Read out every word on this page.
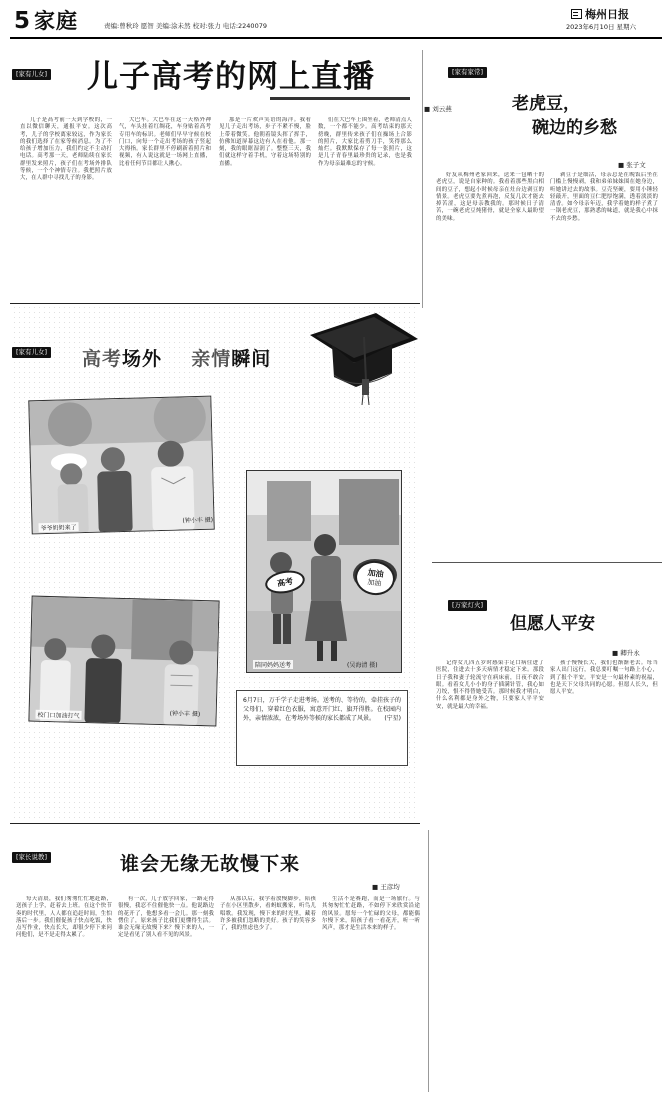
5 家庭	责编:曾秋玲 愿智 美编:涂未然 校对:张力 电话:2240079
梅州日报
2023年6月10日 星期六
[家有儿女] 儿子高考的网上直播
■ 刘云燕

儿子是高考前一天到学校的，一直以微信聊天，通报平安。这次高考，儿子的学校离家较远，作为家长的我们选择了在家等候消息。为了不给孩子增加压力，我们约定不主动打电话。高考那一天，老师陆续在家长群里发来照片，孩子们在考场外排队等候，一个个神情专注。我把照片放大，在人群中寻找儿子的身影。

大巴车。大巴车在这一天格外神气，车头挂着红绸花，车身贴着高考专用车的标识。老师们早早守候在校门口，向每一个走出考场的孩子竖起大拇指。家长群里不停刷新着照片和视频，有人说这就是一场网上直播，比看任何节目都让人揪心。

那是一片欢声笑语的海洋。我看见儿子走出考场，步子不紧不慢，脸上带着微笑。他朝着镜头挥了挥手，仿佛知道屏幕这边有人在看他。那一刻，我的眼眶湿润了。整整三天，我们就这样守着手机，守着这场特别的直播。

们在大巴车上围坐着，老师清点人数，一个都不能少。高考结束的那天傍晚，群里传来孩子们在操场上合影的照片，大家比着剪刀手，笑得那么灿烂。我默默保存了每一张照片，这是儿子青春里最珍贵的记录，也是我作为母亲最难忘的守候。

[家有儿女] 高考场外 亲情瞬间
(钟小丰 摄)
爷爷奶奶来了
(钟小丰 摄)
校门口加油打气
高考
加油
加油
(吴海清 摄)
陪同妈妈送考
6月7日，万千学子走进考场。送考的、等待的，牵挂孩子的父母们，穿着红色衣服，寓意开门红、旗开得胜。在校园内外，亲情浓浓，在考场外等候的家长都成了风景。 (宁星)
[家有家常]
老虎豆，
碗边的乡愁
■ 张子文

好友从梅州老家回来，送来一包晒干的老虎豆，说是自家种的。我看着那些黑白相间的豆子，想起小时候母亲在灶台边剥豆的情景。老虎豆要先煮再泡，反复几次才能去掉苦涩，这是母亲教我的。那时候日子清苦，一碗老虎豆炖猪骨，就是全家人最盼望的美味。

剥豆子是细活，母亲总是在晚饭后坐在门槛上慢慢剥，我和弟弟妹妹围在她身边，听她讲过去的故事。豆壳坚硬，要用小锤轻轻敲开，里面的豆仁肥厚饱满，透着淡淡的清香。如今母亲年迈，我学着她的样子煮了一锅老虎豆，那熟悉的味道，就是我心中抹不去的乡愁。

[万家灯火]
但愿人平安
■ 卿升永

记得女儿四五岁时感染手足口病住进了医院，住进去十多天病情才稳定下来。那段日子我和妻子轮流守在病床前，日夜不敢合眼。看着女儿小小的身子插满针管，我心如刀绞，恨不得替她受苦。那时候我才明白，什么名利都是身外之物，只要家人平平安安，就是最大的幸福。

孩子慢慢长大，我们也渐渐老去。每当家人出门远行，我总要叮嘱一句路上小心，到了报个平安。平安是一句最朴素的祝福，也是天下父母共同的心愿。但愿人长久，但愿人平安。

[家长说教]	谁会无缘无故慢下来
■ 王彦均

每天清晨，我们匆匆忙忙地赶路，送孩子上学，赶着去上班。在这个快节奏的时代里，人人都在追赶时间，生怕落后一步。我们催促孩子快点吃饭，快点写作业，快点长大，却很少停下来问问他们，是不是走得太累了。

有一次，儿子放学回家，一路走得很慢，我忍不住催他快一点。他说路边的花开了，他想多看一会儿。那一刻我愣住了，原来孩子比我们更懂得生活。谁会无缘无故慢下来？慢下来的人，一定是看见了别人看不见的风景。

从那以后，我学着放慢脚步，陪孩子在小区里散步，看蚂蚁搬家，听鸟儿唱歌。我发现，慢下来的时光里，藏着许多被我们忽略的美好。孩子的笑容多了，我的焦虑也少了。

生活不是赛跑，而是一场旅行。与其匆匆忙忙赶路，不如停下来欣赏沿途的风景。愿每一个忙碌的父母，都能偶尔慢下来，陪孩子看一看花开，听一听风声，那才是生活本来的样子。
